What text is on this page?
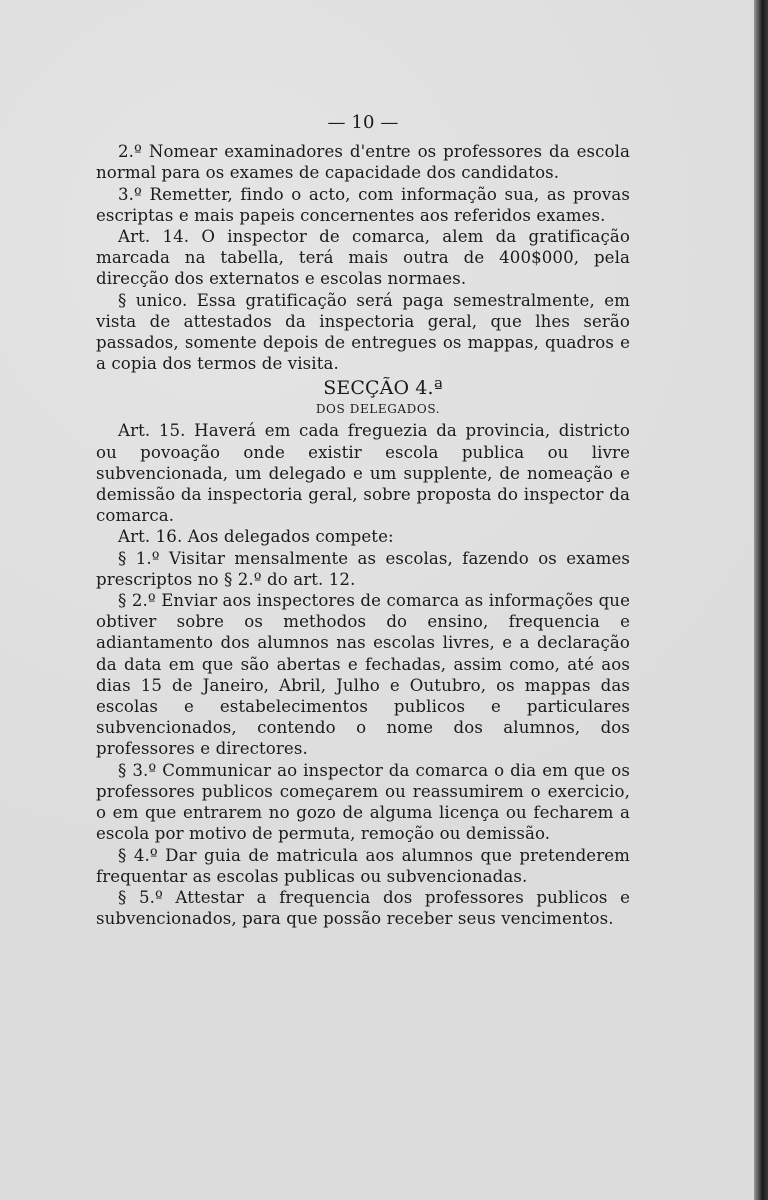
— 10 —

2.º Nomear examinadores d'entre os professores da escola normal para os exames de capacidade dos candidatos.

3.º Remetter, findo o acto, com informação sua, as provas escriptas e mais papeis concernentes aos referidos exames.

Art. 14. O inspector de comarca, alem da gratificação marcada na tabella, terá mais outra de 400$000, pela direcção dos externatos e escolas normaes.

§ unico. Essa gratificação será paga semestralmente, em vista de attestados da inspectoria geral, que lhes serão passados, somente depois de entregues os mappas, quadros e a copia dos termos de visita.

SECÇÃO 4.ª
DOS DELEGADOS.

Art. 15. Haverá em cada freguezia da provincia, districto ou povoação onde existir escola publica ou livre subvencionada, um delegado e um supplente, de nomeação e demissão da inspectoria geral, sobre proposta do inspector da comarca.

Art. 16. Aos delegados compete:

§ 1.º Visitar mensalmente as escolas, fazendo os exames prescriptos no § 2.º do art. 12.

§ 2.º Enviar aos inspectores de comarca as informações que obtiver sobre os methodos do ensino, frequencia e adiantamento dos alumnos nas escolas livres, e a declaração da data em que são abertas e fechadas, assim como, até aos dias 15 de Janeiro, Abril, Julho e Outubro, os mappas das escolas e estabelecimentos publicos e particulares subvencionados, contendo o nome dos alumnos, dos professores e directores.

§ 3.º Communicar ao inspector da comarca o dia em que os professores publicos começarem ou reassumirem o exercicio, o em que entrarem no gozo de alguma licença ou fecharem a escola por motivo de permuta, remoção ou demissão.

§ 4.º Dar guia de matricula aos alumnos que pretenderem frequentar as escolas publicas ou subvencionadas.

§ 5.º Attestar a frequencia dos professores publicos e subvencionados, para que possão receber seus vencimentos.
